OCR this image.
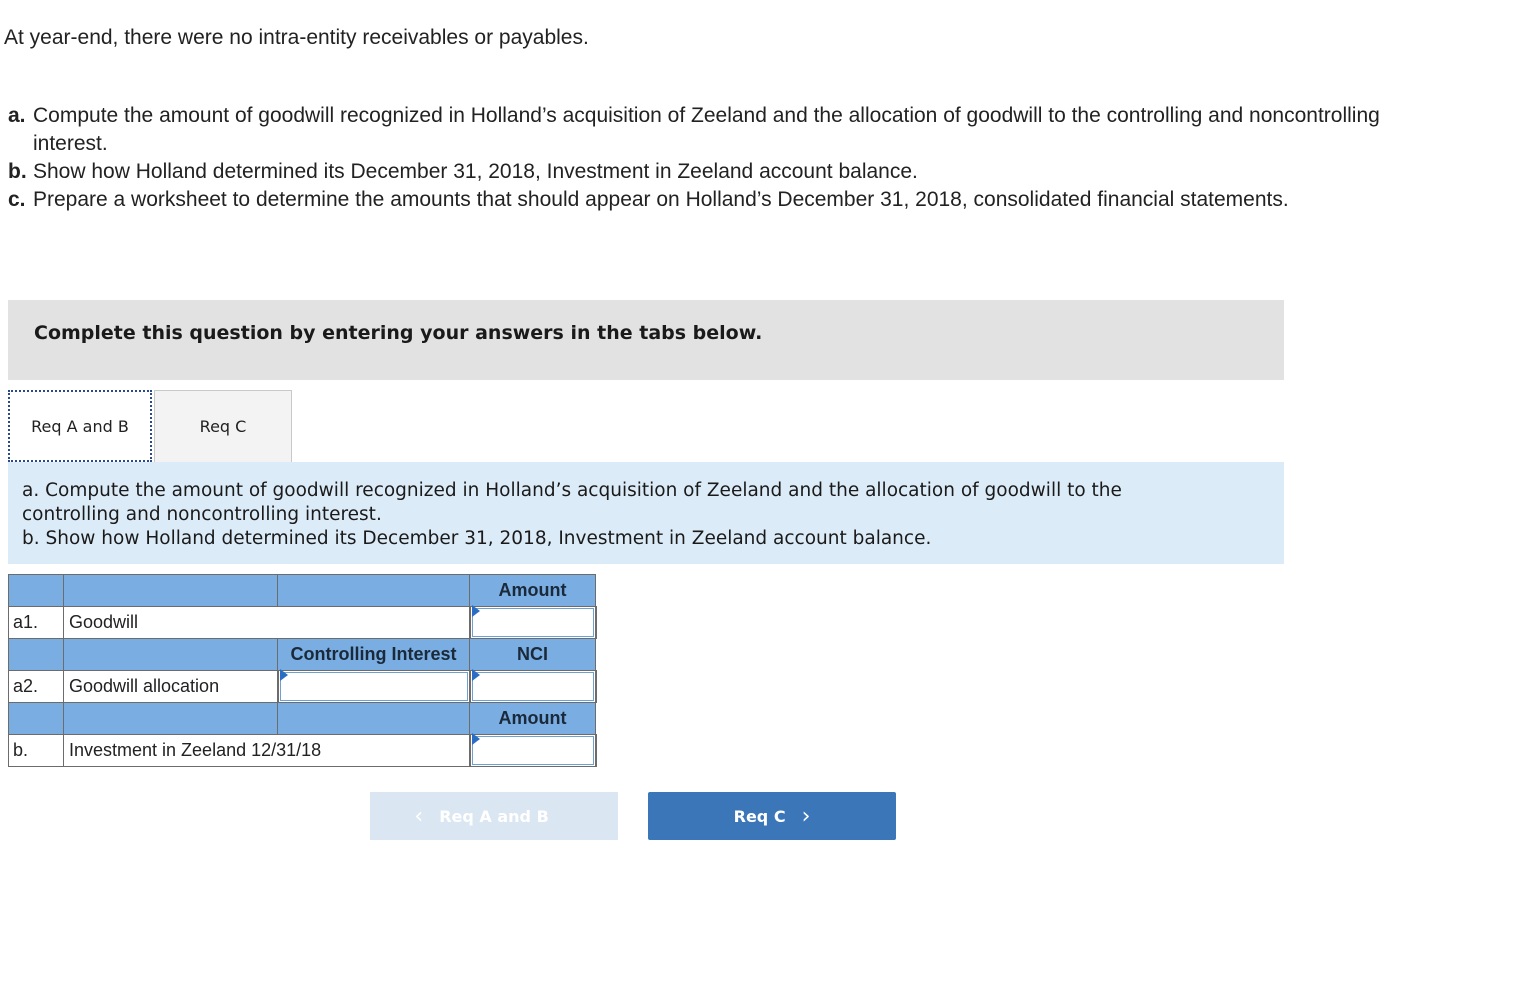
At year-end, there were no intra-entity receivables or payables.
a. Compute the amount of goodwill recognized in Holland’s acquisition of Zeeland and the allocation of goodwill to the controlling and noncontrolling interest.
b. Show how Holland determined its December 31, 2018, Investment in Zeeland account balance.
c. Prepare a worksheet to determine the amounts that should appear on Holland’s December 31, 2018, consolidated financial statements.
Complete this question by entering your answers in the tabs below.
Req A and B	Req C
a. Compute the amount of goodwill recognized in Holland’s acquisition of Zeeland and the allocation of goodwill to the controlling and noncontrolling interest.
b. Show how Holland determined its December 31, 2018, Investment in Zeeland account balance.
			Amount
a1.	Goodwill		

		Controlling Interest	NCI
a2.	Goodwill allocation	

			Amount
b.	Investment in Zeeland 12/31/18		
‹ Req A and B	Req C ›
